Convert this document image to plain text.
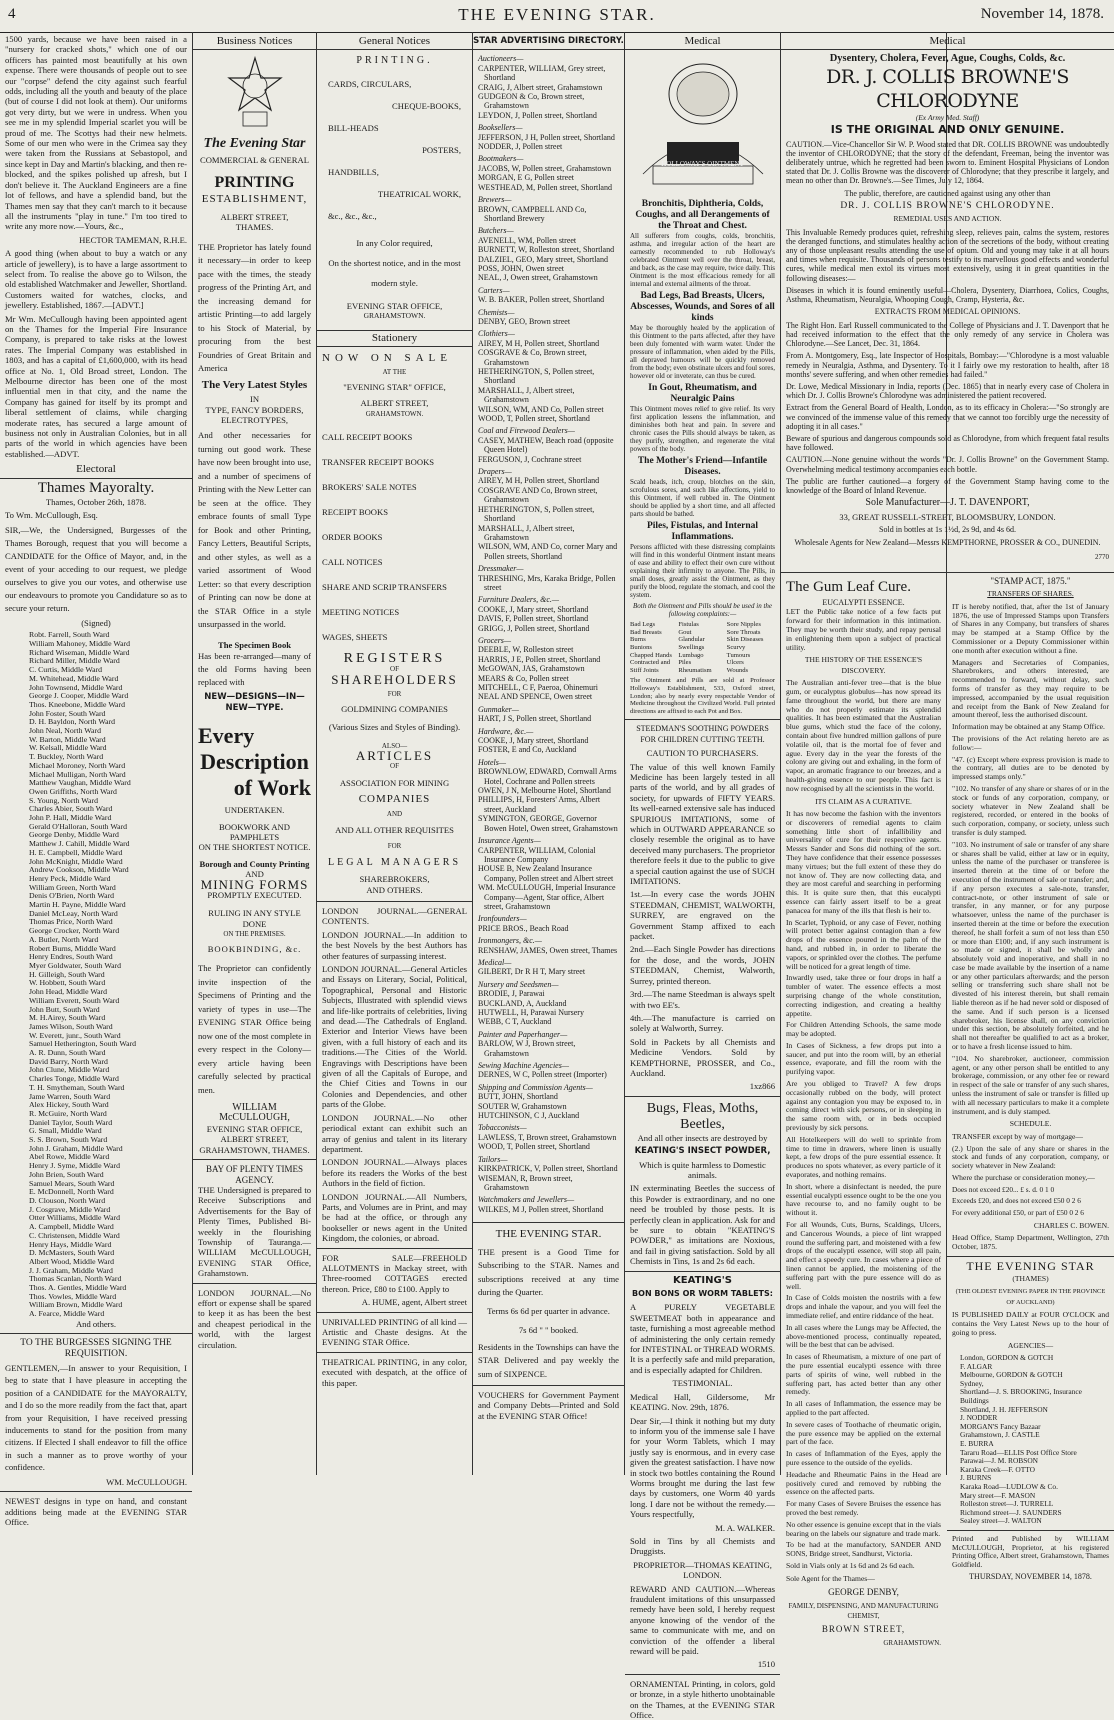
4	THE EVENING STAR.	November 14, 1878.

1500 yards, because we have been raised in a "nursery for cracked shots," which one of our officers has painted most beautifully at his own expense. There were thousands of people out to see our "corpse" defend the city against such fearful odds, including all the youth and beauty of the place (but of course I did not look at them). Our uniforms got very dirty, but we were in undress. When you see me in my splendid Imperial scarlet you will be proud of me. The Scottys had their new helmets. Some of our men who were in the Crimea say they were taken from the Russians at Sebastopol, and since kept in Day and Martin's blacking, and then re-blocked, and the spikes polished up afresh, but I don't believe it. The Auckland Engineers are a fine lot of fellows, and have a splendid band, but the Thames men say that they can't march to it because all the instruments "play in tune." I'm too tired to write any more now.—Yours, &c.,

HECTOR TAMEMAN, R.H.E.

A good thing (when about to buy a watch or any article of jewellery), is to have a large assortment to select from. To realise the above go to Wilson, the old established Watchmaker and Jeweller, Shortland. Customers waited for watches, clocks, and jewellery. Established, 1867.—[ADVT.]

Mr Wm. McCullough having been appointed agent on the Thames for the Imperial Fire Insurance Company, is prepared to take risks at the lowest rates. The Imperial Company was established in 1803, and has a capital of £1,600,000, with its head office at No. 1, Old Broad street, London. The Melbourne director has been one of the most influential men in that city, and the name the Company has gained for itself by its prompt and liberal settlement of claims, while charging moderate rates, has secured a large amount of business not only in Australian Colonies, but in all parts of the world in which agencies have been established.—ADVT.

Electoral
Thames Mayoralty.

Thames, October 26th, 1878.

To Wm. McCullough, Esq.

SIR,—We, the Undersigned, Burgesses of the Thames Borough, request that you will become a CANDIDATE for the Office of Mayor, and, in the event of your acceding to our request, we pledge ourselves to give you our votes, and otherwise use our endeavours to promote you Candidature so as to secure your return.

(Signed)

Robt. Farrell, South Ward
William Mahoney, Middle Ward
Richard Wiseman, Middle Ward
Richard Miller, Middle Ward
C. Curtis, Middle Ward
M. Whitehead, Middle Ward
John Townsend, Middle Ward
George J. Cooper, Middle Ward
Thos. Kneebone, Middle Ward
John Foster, South Ward
D. H. Bayldon, North Ward
John Neal, North Ward
W. Barton, Middle Ward
W. Kelsall, Middle Ward
T. Buckley, North Ward
Michael Moroney, North Ward
Michael Mulligan, North Ward
Matthew Vaughan, Middle Ward
Owen Griffiths, North Ward
S. Young, North Ward
Charles Abier, South Ward
John P. Hall, Middle Ward
Gerald O'Halloran, South Ward
George Denby, Middle Ward
Matthew J. Cahill, Middle Ward
H. E. Campbell, Middle Ward
John McKnight, Middle Ward
Andrew Cookson, Middle Ward
Henry Peck, Middle Ward
William Green, North Ward
Denis O'Brien, North Ward
Martin H. Payne, Middle Ward
Daniel McLeay, North Ward
Thomas Price, North Ward
George Crocker, North Ward
A. Butler, North Ward
Robert Burns, Middle Ward
Henry Endres, South Ward
Myer Goldwater, South Ward
H. Gilleigh, South Ward
W. Hobbett, South Ward
John Head, Middle Ward
William Everett, South Ward
John Butt, South Ward
M. H.Airey, South Ward
James Wilson, South Ward
W. Everett, junr., South Ward
Samuel Hetherington, South Ward
A. R. Dunn, South Ward
David Barry, North Ward
John Clune, Middle Ward
Charles Tonge, Middle Ward
T. H. Smytheman, South Ward
Jame Warren, South Ward
Alex Hickey, South Ward
R. McGuire, North Ward
Daniel Taylor, South Ward
G. Small, Middle Ward
S. S. Brown, South Ward
John J. Graham, Middle Ward
Abel Rowe, Middle Ward
Henry J. Syme, Middle Ward
John Brien, South Ward
Samuel Mears, South Ward
E. McDonnell, North Ward
D. Clouson, North Ward
J. Cosgrave, Middle Ward
Otter Williams, Middle Ward
A. Campbell, Middle Ward
C. Christensen, Middle Ward
Henry Hays, Middle Ward
D. McMasters, South Ward
Albert Wood, Middle Ward
J. J. Graham, Middle Ward
Thomas Scanlan, North Ward
Thos. A. Gentles, Middle Ward
Thos. Vowles, Middle Ward
William Brown, Middle Ward
A. Fearce, Middle Ward

And others.

TO THE BURGESSES SIGNING THE REQUISITION.

GENTLEMEN,—In answer to your Requisition, I beg to state that I have pleasure in accepting the position of a CANDIDATE for the MAYORALTY, and I do so the more readily from the fact that, apart from your Requisition, I have received pressing inducements to stand for the position from many citizens. If Elected I shall endeavor to fill the office in such a manner as to prove worthy of your confidence.

WM. McCULLOUGH.

NEWEST designs in type on hand, and constant additions being made at the EVENING STAR Office.

Business Notices
The Evening Star
COMMERCIAL & GENERAL
PRINTING
ESTABLISHMENT,
ALBERT STREET,
THAMES.

THE Proprietor has lately found it necessary—in order to keep pace with the times, the steady progress of the Printing Art, and the increasing demand for artistic Printing—to add largely to his Stock of Material, by procuring from the best Foundries of Great Britain and America

The Very Latest Styles
IN
TYPE, FANCY BORDERS, ELECTROTYPES,

And other necessaries for turning out good work. These have now been brought into use, and a number of specimens of Printing with the New Letter can be seen at the office. They embrace founts of small Type for Book and other Printing, Fancy Letters, Beautiful Scripts, and other styles, as well as a varied assortment of Wood Letter: so that every description of Printing can now be done at the STAR Office in a style unsurpassed in the world.

The Specimen Book

Has been re-arranged—many of the old Forms having been replaced with

NEW—DESIGNS—IN—NEW—TYPE.
Every
Description
of Work
UNDERTAKEN.
BOOKWORK AND PAMPHLETS
ON THE SHORTEST NOTICE.
Borough and County Printing
AND
MINING FORMS
PROMPTLY EXECUTED.
RULING IN ANY STYLE DONE
ON THE PREMISES.
BOOKBINDING, &c.

The Proprietor can confidently invite inspection of the Specimens of Printing and the variety of types in use—The EVENING STAR Office being now one of the most complete in every respect in the Colony—every article having been carefully selected by practical men.

WILLIAM McCULLOUGH,
EVENING STAR OFFICE,
ALBERT STREET,
GRAHAMSTOWN, THAMES.
BAY OF PLENTY TIMES AGENCY.

THE Undersigned is prepared to Receive Subscriptions and Advertisements for the Bay of Plenty Times, Published Bi-weekly in the flourishing Township of Tauranga.—WILLIAM McCULLOUGH, EVENING STAR Office, Grahamstown.

LONDON JOURNAL.—No effort or expense shall be spared to keep it as has been the best and cheapest periodical in the world, with the largest circulation.

General Notices
PRINTING.
CARDS, CIRCULARS,
CHEQUE-BOOKS,
BILL-HEADS
POSTERS,
HANDBILLS,
THEATRICAL WORK,
&c., &c., &c.,
In any Color required,
On the shortest notice, and in the most modern style.
EVENING STAR OFFICE,
GRAHAMSTOWN.
Stationery
NOW ON SALE
AT THE
"EVENING STAR" OFFICE,
ALBERT STREET,
GRAHAMSTOWN.
CALL RECEIPT BOOKS
TRANSFER RECEIPT BOOKS
BROKERS' SALE NOTES
RECEIPT BOOKS
ORDER BOOKS
CALL NOTICES
SHARE AND SCRIP TRANSFERS
MEETING NOTICES
WAGES, SHEETS
REGISTERS
OF
SHAREHOLDERS
FOR
GOLDMINING COMPANIES
(Various Sizes and Styles of Binding).
ALSO—
ARTICLES
OF
ASSOCIATION FOR MINING
COMPANIES
AND
AND ALL OTHER REQUISITES
FOR
LEGAL MANAGERS
SHAREBROKERS,
AND OTHERS.

LONDON JOURNAL.—GENERAL CONTENTS.

LONDON JOURNAL.—In addition to the best Novels by the best Authors has other features of surpassing interest.

LONDON JOURNAL.—General Articles and Essays on Literary, Social, Political, Topographical, Personal and Historic Subjects, Illustrated with splendid views and life-like portraits of celebrities, living and dead.—The Cathedrals of England. Exterior and Interior Views have been given, with a full history of each and its traditions.—The Cities of the World. Engravings with Descriptions have been given of all the Capitals of Europe, and the Chief Cities and Towns in our Colonies and Dependencies, and other parts of the Globe.

LONDON JOURNAL.—No other periodical extant can exhibit such an array of genius and talent in its literary department.

LONDON JOURNAL.—Always places before its readers the Works of the best Authors in the field of fiction.

LONDON JOURNAL.—All Numbers, Parts, and Volumes are in Print, and may be had at the office, or through any bookseller or news agent in the United Kingdom, the colonies, or abroad.

FOR SALE—FREEHOLD ALLOTMENTS in Mackay street, with Three-roomed COTTAGES erected thereon. Price, £80 to £100. Apply to

A. HUME, agent, Albert street

UNRIVALLED PRINTING of all kind —Artistic and Chaste designs. At the EVENING STAR Office.

THEATRICAL PRINTING, in any color, executed with despatch, at the office of this paper.

STAR ADVERTISING DIRECTORY.
Auctioneers—
CARPENTER, WILLIAM, Grey street, Shortland
CRAIG, J, Albert street, Grahamstown
GUDGEON & Co, Brown street, Grahamstown
LEYDON, J, Pollen street, Shortland
Booksellers—
JEFFERSON, J H, Pollen street, Shortland
NODDER, J, Pollen street
Bootmakers—
JACOBS, W, Pollen street, Grahamstown
MORGAN, E G, Pollen street
WESTHEAD, M, Pollen street, Shortland
Brewers—
BROWN, CAMPBELL AND Co, Shortland Brewery
Butchers—
AVENELL, WM, Pollen street
BURNETT, W, Rolleston street, Shortland
DALZIEL, GEO, Mary street, Shortland
POSS, JOHN, Owen street
NEAL, J, Owen street, Grahamstown
Carters—
W. B. BAKER, Pollen street, Shortland
Chemists—
DENBY, GEO, Brown street
Clothiers—
AIREY, M H, Pollen street, Shortland
COSGRAVE & Co, Brown street, Grahamstown
HETHERINGTON, S, Pollen street, Shortland
MARSHALL, J, Albert street, Grahamstown
WILSON, WM, AND Co, Pollen street
WOOD, T, Pollen street, Shortland
Coal and Firewood Dealers—
CASEY, MATHEW, Beach road (opposite Queen Hotel)
FERGUSON, J, Cochrane street
Drapers—
AIREY, M H, Pollen street, Shortland
COSGRAVE AND Co, Brown street, Grahamstown
HETHERINGTON, S, Pollen street, Shortland
MARSHALL, J, Albert street, Grahamstown
WILSON, WM, AND Co, corner Mary and Pollen streets, Shortland
Dressmaker—
THRESHING, Mrs, Karaka Bridge, Pollen street
Furniture Dealers, &c.—
COOKE, J, Mary street, Shortland
DAVIS, F, Pollen street, Shortland
GRIGG, J, Pollen street, Shortland
Grocers—
DEEBLE, W, Rolleston street
HARRIS, J E, Pollen street, Shortland
McGOWAN, JAS, Grahamstown
MEARS & Co, Pollen street
MITCHELL, C F, Paeroa, Ohinemuri
NEAL AND SPENCE, Owen street
Gunmaker—
HART, J S, Pollen street, Shortland
Hardware, &c.—
COOKE, J, Mary street, Shortland
FOSTER, E and Co, Auckland
Hotels—
BROWNLOW, EDWARD, Cornwall Arms Hotel, Cochrane and Pollen streets
OWEN, J N, Melbourne Hotel, Shortland
PHILLIPS, H, Foresters' Arms, Albert street, Auckland
SYMINGTON, GEORGE, Governor Bowen Hotel, Owen street, Grahamstown
Insurance Agents—
CARPENTER, WILLIAM, Colonial Insurance Company
HOUSE B, New Zealand Insurance Company, Pollen street and Albert street
WM. McCULLOUGH, Imperial Insurance Company—Agent, Star office, Albert street, Grahamstown
Ironfounders—
PRICE BROS., Beach Road
Ironmongers, &c.—
RENSHAW, JAMES, Owen street, Thames
Medical—
GILBERT, Dr R H T, Mary street
Nursery and Seedsmen—
BRODIE, J, Parawai
BUCKLAND, A, Auckland
HUTWELL, H, Parawai Nursery
WEBB, C T, Auckland
Painter and Paperhanger—
BARLOW, W J, Brown street, Grahamstown
Sewing Machine Agencies—
DERNES, W C, Pollen street (Importer)
Shipping and Commission Agents—
BUTT, JOHN, Shortland
SOUTER W, Grahamstown
HUTCHINSON, C J, Auckland
Tobacconists—
LAWLESS, T, Brown street, Grahamstown
WOOD, T, Pollen street, Shortland
Tailors—
KIRKPATRICK, V, Pollen street, Shortland
WISEMAN, R, Brown street, Grahamstown
Watchmakers and Jewellers—
WILKES, M J, Pollen street, Shortland
THE EVENING STAR.

THE present is a Good Time for Subscribing to the STAR. Names and subscriptions received at any time during the Quarter.

Terms 6s 6d per quarter in advance.

7s 6d " " booked.

Residents in the Townships can have the STAR Delivered and pay weekly the sum of SIXPENCE.

VOUCHERS for Government Payment and Company Debts—Printed and Sold at the EVENING STAR Office!

Medical
HOLLOWAY'S OINTMENT
Bronchitis, Diphtheria, Colds, Coughs, and all Derangements of the Throat and Chest.

All sufferers from coughs, colds, bronchitis, asthma, and irregular action of the heart are earnestly recommended to rub Holloway's celebrated Ointment well over the throat, breast, and back, as the case may require, twice daily. This Ointment is the most efficacious remedy for all internal and external ailments of the throat.

Bad Legs, Bad Breasts, Ulcers, Abscesses, Wounds, and Sores of all kinds

May be thoroughly healed by the application of this Ointment to the parts affected, after they have been duly fomented with warm water. Under the pressure of inflammation, when aided by the Pills, all depraved humours will be quickly removed from the body; even obstinate ulcers and foul sores, however old or inveterate, can thus be cured.

In Gout, Rheumatism, and Neuralgic Pains

This Ointment moves relief to give relief. Its very first application lessens the inflammation, and diminishes both heat and pain. In severe and chronic cases the Pills should always be taken, as they purify, strengthen, and regenerate the vital powers of the body.

The Mother's Friend—Infantile Diseases.

Scald heads, itch, croup, blotches on the skin, scrofulous sores, and such like affections, yield to this Ointment, if well rubbed in. The Ointment should be applied by a short time, and all affected parts should be bathed.

Piles, Fistulas, and Internal Inflammations.

Persons afflicted with these distressing complaints will find in this wonderful Ointment instant means of ease and ability to effect their own cure without explaining their infirmity to anyone. The Pills, in small doses, greatly assist the Ointment, as they purify the blood, regulate the stomach, and cool the system.

Both the Ointment and Pills should be used in the following complaints:—

Bad Legs	Fistulas	Sore Nipples
Bad Breasts	Gout	Sore Throats
Burns	Glandular	Skin Diseases
Bunions	Swellings	Scurvy
Chapped Hands Lumbago	Tumours
Contracted and	Piles	Ulcers
Stiff Joints	Rheumatism	Wounds

The Ointment and Pills are sold at Professor Holloway's Establishment, 533, Oxford street, London; also by nearly every respectable Vendor of Medicine throughout the Civilized World. Full printed directions are affixed to each Pot and Box.

STEEDMAN'S SOOTHING POWDERS FOR CHILDREN CUTTING TEETH.

CAUTION TO PURCHASERS.

The value of this well known Family Medicine has been largely tested in all parts of the world, and by all grades of society, for upwards of FIFTY YEARS. Its well-earned extensive sale has induced SPURIOUS IMITATIONS, some of which in OUTWARD APPEARANCE so closely resemble the original as to have deceived many purchasers. The proprietor therefore feels it due to the public to give a special caution against the use of SUCH IMITATIONS.

1st.—In every case the words JOHN STEEDMAN, CHEMIST, WALWORTH, SURREY, are engraved on the Government Stamp affixed to each packet.

2nd.—Each Single Powder has directions for the dose, and the words, JOHN STEEDMAN, Chemist, Walworth, Surrey, printed thereon.

3rd.—The name Steedman is always spelt with two EE's.

4th.—The manufacture is carried on solely at Walworth, Surrey.

Sold in Packets by all Chemists and Medicine Vendors. Sold by KEMPTHORNE, PROSSER, and Co., Auckland.

1xz866

Bugs, Fleas, Moths, Beetles,

And all other insects are destroyed by

KEATING'S INSECT POWDER,

Which is quite harmless to Domestic animals.

IN exterminating Beetles the success of this Powder is extraordinary, and no one need be troubled by those pests. It is perfectly clean in application. Ask for and be sure to obtain "KEATING'S POWDER," as imitations are Noxious, and fail in giving satisfaction. Sold by all Chemists in Tins, 1s and 2s 6d each.

KEATING'S

BON BONS OR WORM TABLETS:

A PURELY VEGETABLE SWEETMEAT both in appearance and taste, furnishing a most agreeable method of administering the only certain remedy for INTESTINAL or THREAD WORMS. It is a perfectly safe and mild preparation, and is especially adapted for Children.

TESTIMONIAL.

Medical Hall, Gildersome, Mr KEATING. Nov. 29th, 1876.

Dear Sir,—I think it nothing but my duty to inform you of the immense sale I have for your Worm Tablets, which I may justly say is enormous, and in every case given the greatest satisfaction. I have now in stock two bottles containing the Round Worms brought me during the last few days by customers, one Worm 40 yards long. I dare not be without the remedy.—Yours respectfully,

M. A. WALKER.

Sold in Tins by all Chemists and Druggists.

PROPRIETOR—THOMAS KEATING, LONDON.

REWARD AND CAUTION.—Whereas fraudulent imitations of this unsurpassed remedy have been sold, I hereby request anyone knowing of the vendor of the same to communicate with me, and on conviction of the offender a liberal reward will be paid.

1510

ORNAMENTAL Printing, in colors, gold or bronze, in a style hitherto unobtainable on the Thames, at the EVENING STAR Office.

Medical
Dysentery, Cholera, Fever, Ague, Coughs, Colds, &c.
DR. J. COLLIS BROWNE'S CHLORODYNE
(Ex Army Med. Staff)
IS THE ORIGINAL AND ONLY GENUINE.

CAUTION.—Vice-Chancellor Sir W. P. Wood stated that DR. COLLIS BROWNE was undoubtedly the inventor of CHLORODYNE; that the story of the defendant, Freeman, being the inventor was deliberately untrue, which he regretted had been sworn to. Eminent Hospital Physicians of London stated that Dr. J. Collis Browne was the discoverer of Chlorodyne; that they prescribe it largely, and mean no other than Dr. Browne's.—See Times, July 12, 1864.

The public, therefore, are cautioned against using any other than

DR. J. COLLIS BROWNE'S CHLORODYNE.

REMEDIAL USES AND ACTION.

This Invaluable Remedy produces quiet, refreshing sleep, relieves pain, calms the system, restores the deranged functions, and stimulates healthy action of the secretions of the body, without creating any of those unpleasant results attending the use of opium. Old and young may take it at all hours and times when requisite. Thousands of persons testify to its marvellous good effects and wonderful cures, while medical men extol its virtues most extensively, using it in great quantities in the following diseases:—

Diseases in which it is found eminently useful—Cholera, Dysentery, Diarrhoea, Colics, Coughs, Asthma, Rheumatism, Neuralgia, Whooping Cough, Cramp, Hysteria, &c.

EXTRACTS FROM MEDICAL OPINIONS.

The Right Hon. Earl Russell communicated to the College of Physicians and J. T. Davenport that he had received information to the effect that the only remedy of any service in Cholera was Chlorodyne.—See Lancet, Dec. 31, 1864.

From A. Montgomery, Esq., late Inspector of Hospitals, Bombay:—"Chlorodyne is a most valuable remedy in Neuralgia, Asthma, and Dysentery. To it I fairly owe my restoration to health, after 18 months' severe suffering, and when other remedies had failed."

Dr. Lowe, Medical Missionary in India, reports (Dec. 1865) that in nearly every case of Cholera in which Dr. J. Collis Browne's Chlorodyne was administered the patient recovered.

Extract from the General Board of Health, London, as to its efficacy in Cholera:—"So strongly are we convinced of the immense value of this remedy that we cannot too forcibly urge the necessity of adopting it in all cases."

Beware of spurious and dangerous compounds sold as Chlorodyne, from which frequent fatal results have followed.

CAUTION.—None genuine without the words "Dr. J. Collis Browne" on the Government Stamp. Overwhelming medical testimony accompanies each bottle.

The public are further cautioned—a forgery of the Government Stamp having come to the knowledge of the Board of Inland Revenue.

Sole Manufacturer—J. T. DAVENPORT,

33, GREAT RUSSELL-STREET, BLOOMSBURY, LONDON.

Sold in bottles at 1s 1½d, 2s 9d, and 4s 6d.

Wholesale Agents for New Zealand—Messrs KEMPTHORNE, PROSSER & CO., DUNEDIN.

2770

The Gum Leaf Cure.
EUCALYPTI ESSENCE.

LET the Public take notice of a few facts put forward for their information in this intimation. They may be worth their study, and repay perusal in enlightening them upon a subject of practical utility.

THE HISTORY OF THE ESSENCE'S DISCOVERY.

The Australian anti-fever tree—that is the blue gum, or eucalyptus globulus—has now spread its fame throughout the world, but there are many who do not properly estimate its splendid qualities. It has been estimated that the Australian blue gums, which stud the face of the colony, contain about five hundred million gallons of pure volatile oil, that is the mortal foe of fever and ague. Every day in the year the forests of the colony are giving out and exhaling, in the form of vapor, an aromatic fragrance to our breezes, and a health-giving essence to our people. This fact is now recognised by all the scientists in the world.

ITS CLAIM AS A CURATIVE.

It has now become the fashion with the inventors or discoverers of remedial agents to claim something little short of infallibility and universality of cure for their respective agents. Messrs Sander and Sons did nothing of the sort. They have confidence that their essence possesses many virtues; but the full extent of these they do not know of. They are now collecting data, and they are most careful and searching in performing this. It is quite sure then, that this eucalypti essence can fairly assert itself to be a great panacea for many of the ills that flesh is heir to.

In Scarlet, Typhoid, or any case of Fever, nothing will protect better against contagion than a few drops of the essence poured in the palm of the hand, and rubbed in, in order to liberate the vapors, or sprinkled over the clothes. The perfume will be noticed for a great length of time.

Inwardly used, take three or four drops in half a tumbler of water. The essence effects a most surprising change of the whole constitution, correcting indigestion, and creating a healthy appetite.

For Children Attending Schools, the same mode may be adopted.

In Cases of Sickness, a few drops put into a saucer, and put into the room will, by an etherial essence, evaporate, and fill the room with the purifying vapor.

Are you obliged to Travel? A few drops occasionally rubbed on the body, will protect against any contagion you may be exposed to, in coming direct with sick persons, or in sleeping in the same room with, or in beds occupied previously by sick persons.

All Hotelkeepers will do well to sprinkle from time to time in drawers, where linen is usually kept, a few drops of the pure essential essence. It produces no spots whatever, as every particle of it evaporates, and nothing remains.

In short, where a disinfectant is needed, the pure essential eucalypti essence ought to be the one you have recourse to, and no family ought to be without it.

For all Wounds, Cuts, Burns, Scaldings, Ulcers, and Cancerous Wounds, a piece of lint wrapped round the suffering part, and moistened with a few drops of the eucalypti essence, will stop all pain, and effect a speedy cure. In cases where a piece of linen cannot be applied, the moistening of the suffering part with the pure essence will do as well.

In Case of Colds moisten the nostrils with a few drops and inhale the vapour, and you will feel the immediate relief, and entire riddance of the heat.

In all cases where the Lungs may be Affected, the above-mentioned process, continually repeated, will be the best that can be advised.

In cases of Rheumatism, a mixture of one part of the pure essential eucalypti essence with three parts of spirits of wine, well rubbed in the suffering part, has acted better than any other remedy.

In all cases of Inflammation, the essence may be applied to the part affected.

In severe cases of Toothache of rheumatic origin, the pure essence may be applied on the external part of the face.

In cases of Inflammation of the Eyes, apply the pure essence to the outside of the eyelids.

Headache and Rheumatic Pains in the Head are positively cured and removed by rubbing the essence on the affected parts.

For many Cases of Severe Bruises the essence has proved the best remedy.

No other essence is genuine except that in the vials bearing on the labels our signature and trade mark.

To be had at the manufactory, SANDER AND SONS, Bridge street, Sandhurst, Victoria.

Sold in Vials only at 1s 6d and 2s 6d each.

Sole Agent for the Thames—

GEORGE DENBY,

FAMILY, DISPENSING, AND MANUFACTURING CHEMIST,

BROWN STREET,

GRAHAMSTOWN.

"STAMP ACT, 1875."

TRANSFERS OF SHARES.

IT is hereby notified, that, after the 1st of January 1876, the use of Impressed Stamps upon Transfers of Shares in any Company, but transfers of shares may be stamped at a Stamp Office by the Commissioner or a Deputy Commissioner within one month after execution without a fine.

Managers and Secretaries of Companies, Sharebrokers, and others interested, are recommended to forward, without delay, such forms of transfer as they may require to be impressed, accompanied by the usual requisition and receipt from the Bank of New Zealand for amount thereof, less the authorised discount.

Information may be obtained at any Stamp Office.

The provisions of the Act relating hereto are as follow:—

"47. (c) Except where express provision is made to the contrary, all duties are to be denoted by impressed stamps only."

"102. No transfer of any share or shares of or in the stock or funds of any corporation, company, or society whatever in New Zealand shall be registered, recorded, or entered in the books of such corporation, company, or society, unless such transfer is duly stamped.

"103. No instrument of sale or transfer of any share or shares shall be valid, either at law or in equity, unless the name of the purchaser or transferee is inserted therein at the time of or before the execution of the instrument of sale or transfer; and, if any person executes a sale-note, transfer, contract-note, or other instrument of sale or transfer, in any manner, or for any purpose whatsoever, unless the name of the purchaser is inserted therein at the time or before the execution thereof, he shall forfeit a sum of not less than £50 or more than £100; and, if any such instrument is so made or signed, it shall be wholly and absolutely void and inoperative, and shall in no case be made available by the insertion of a name or any other particulars afterwards; and the person selling or transferring such share shall not be divested of his interest therein, but shall remain liable thereon as if he had never sold or disposed of the same. And if such person is a licensed sharebroker, his license shall, on any conviction under this section, be absolutely forfeited, and he shall not thereafter be qualified to act as a broker, or to have a fresh license issued to him.

"104. No sharebroker, auctioneer, commission agent, or any other person shall be entitled to any brokerage, commission, or any other fee or reward in respect of the sale or transfer of any such shares, unless the instrument of sale or transfer is filled up with all necessary particulars to make it a complete instrument, and is duly stamped.

SCHEDULE.

TRANSFER except by way of mortgage—

(2.) Upon the sale of any share or shares in the stock and funds of any corporation, company, or society whatever in New Zealand:

Where the purchase or consideration money,—

Does not exceed £20... £ s. d. 0 1 0

Exceeds £20, and does not exceed £50 0 2 6

For every additional £50, or part of £50 0 2 6

CHARLES C. BOWEN.

Head Office, Stamp Department, Wellington, 27th October, 1875.

THE EVENING STAR

(THAMES)

(THE OLDEST EVENING PAPER IN THE PROVINCE OF AUCKLAND)

IS PUBLISHED DAILY at FOUR O'CLOCK and contains the Very Latest News up to the hour of going to press.

AGENCIES—

London, GORDON & GOTCH
F. ALGAR
Melbourne, GORDON & GOTCH
Sydney,
Shortland—J. S. BROOKING, Insurance Buildings
Shortland, J. H. JEFFERSON
J. NODDER
MORGAN'S Fancy Bazaar
Grahamstown, J. CASTLE
E. BURRA
Tararu Road—ELLIS Post Office Store
Parawai—J. M. ROBSON
Karaka Creek—F. OTTO
J. BURNS
Karaka Road—LUDLOW & Co.
Mary street—F. MASON
Rolleston street—J. TURRELL
Richmond street—J. SAUNDERS
Sealey street—J. WALTON

Printed and Published by WILLIAM McCULLOUGH, Proprietor, at his registered Printing Office, Albert street, Grahamstown, Thames Goldfield.

THURSDAY, NOVEMBER 14, 1878.
